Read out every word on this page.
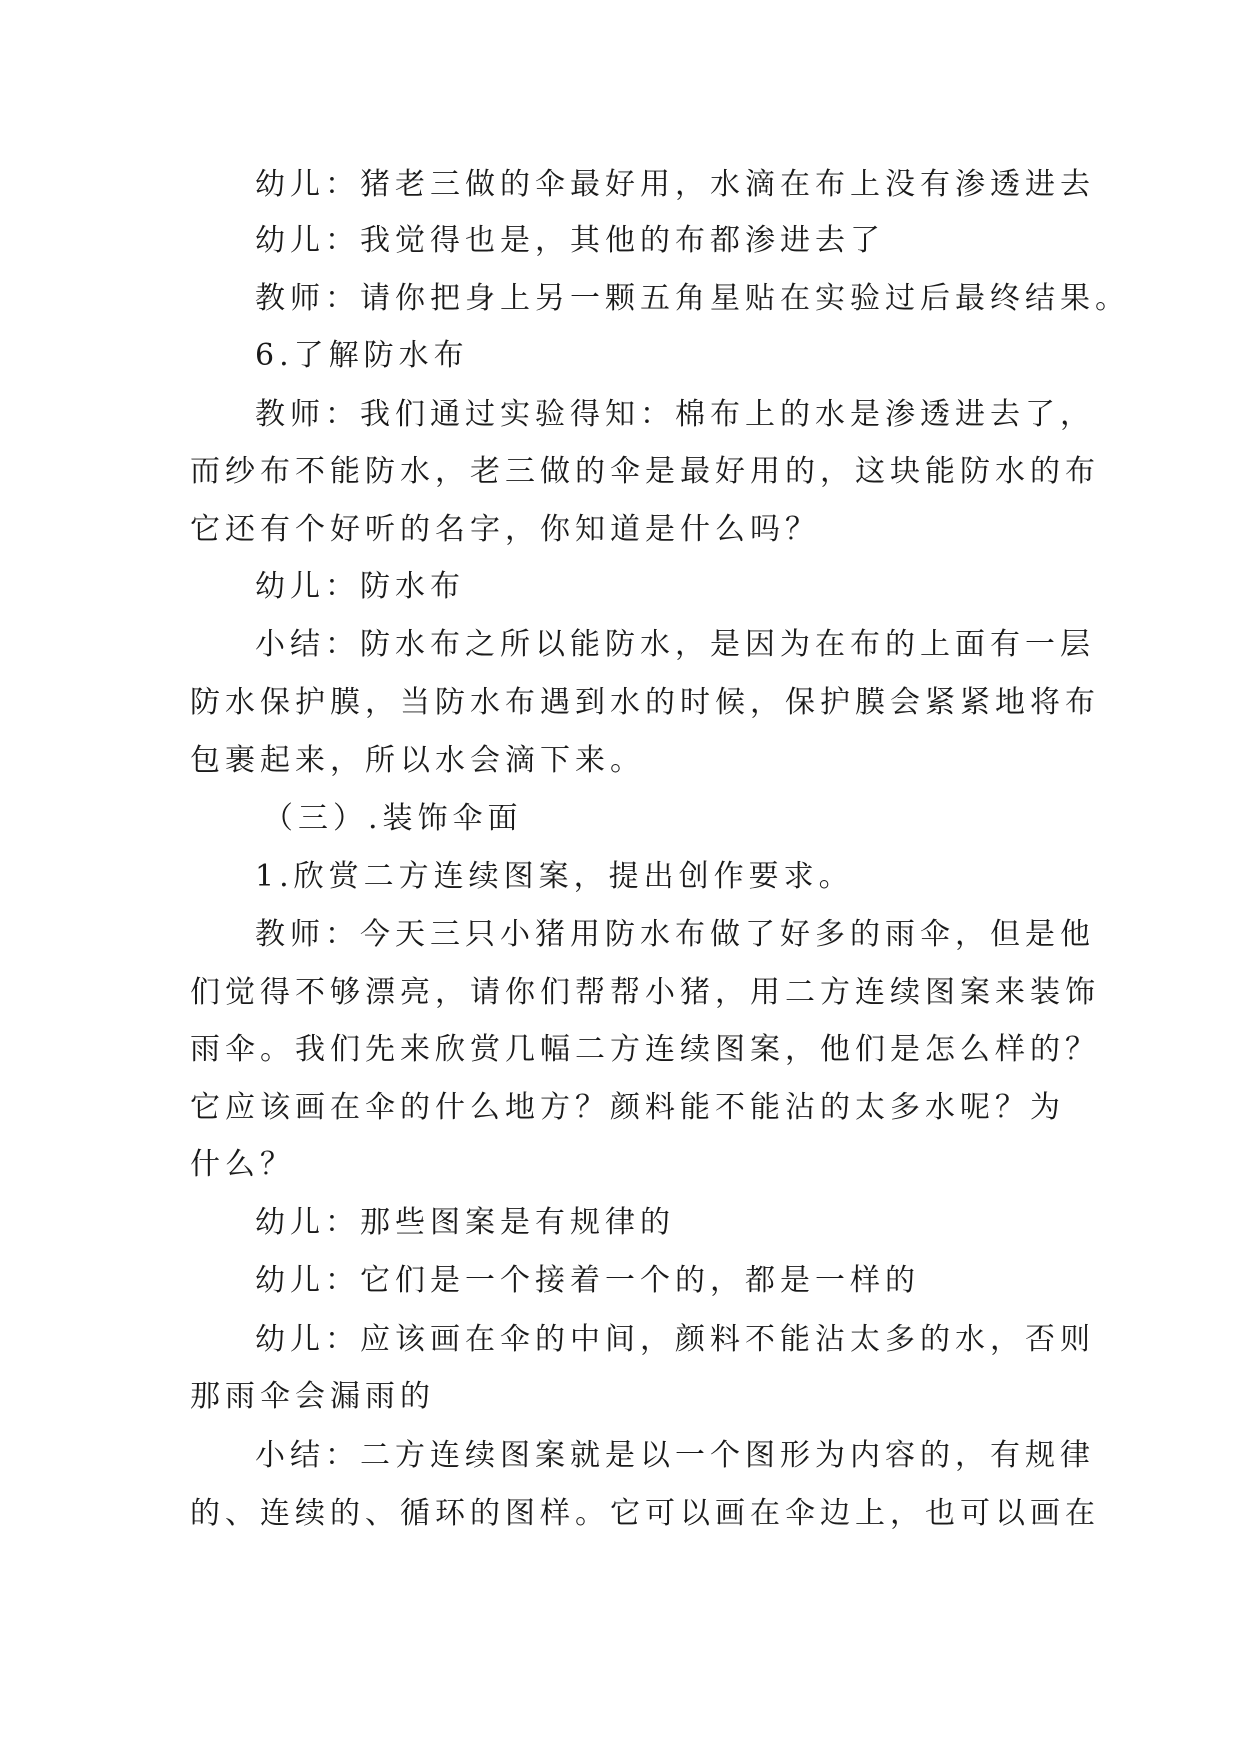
幼儿：猪老三做的伞最好用，水滴在布上没有渗透进去
幼儿：我觉得也是，其他的布都渗进去了
教师：请你把身上另一颗五角星贴在实验过后最终结果。
6.了解防水布
教师：我们通过实验得知：棉布上的水是渗透进去了，
而纱布不能防水，老三做的伞是最好用的，这块能防水的布
它还有个好听的名字，你知道是什么吗？
幼儿：防水布
小结：防水布之所以能防水，是因为在布的上面有一层
防水保护膜，当防水布遇到水的时候，保护膜会紧紧地将布
包裹起来，所以水会滴下来。
（三）.装饰伞面
1.欣赏二方连续图案，提出创作要求。
教师：今天三只小猪用防水布做了好多的雨伞，但是他
们觉得不够漂亮，请你们帮帮小猪，用二方连续图案来装饰
雨伞。我们先来欣赏几幅二方连续图案，他们是怎么样的？
它应该画在伞的什么地方？颜料能不能沾的太多水呢？为
什么？
幼儿：那些图案是有规律的
幼儿：它们是一个接着一个的，都是一样的
幼儿：应该画在伞的中间，颜料不能沾太多的水，否则
那雨伞会漏雨的
小结：二方连续图案就是以一个图形为内容的，有规律
的、连续的、循环的图样。它可以画在伞边上，也可以画在
